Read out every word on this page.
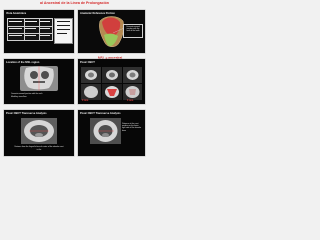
al Ancestral de la Línea de Prolongación
Vista Anatómica	Anatomic Reference Portion
Cemento-enamel junction with the neck of the tooth
MSL = ancestral
Location of the MSL region
Cemento-enamel junction with the neck
Maxillary sinus floor
Posic CBCT
0 mm	0 mm
Posic CBCT Transverse Analysis
Distance from the lingual to buccal cortex of the alveolar crest in the
Posic CBCT Transverse Analysis
Distance at the crest position on the lower right side of the alveolar bone
